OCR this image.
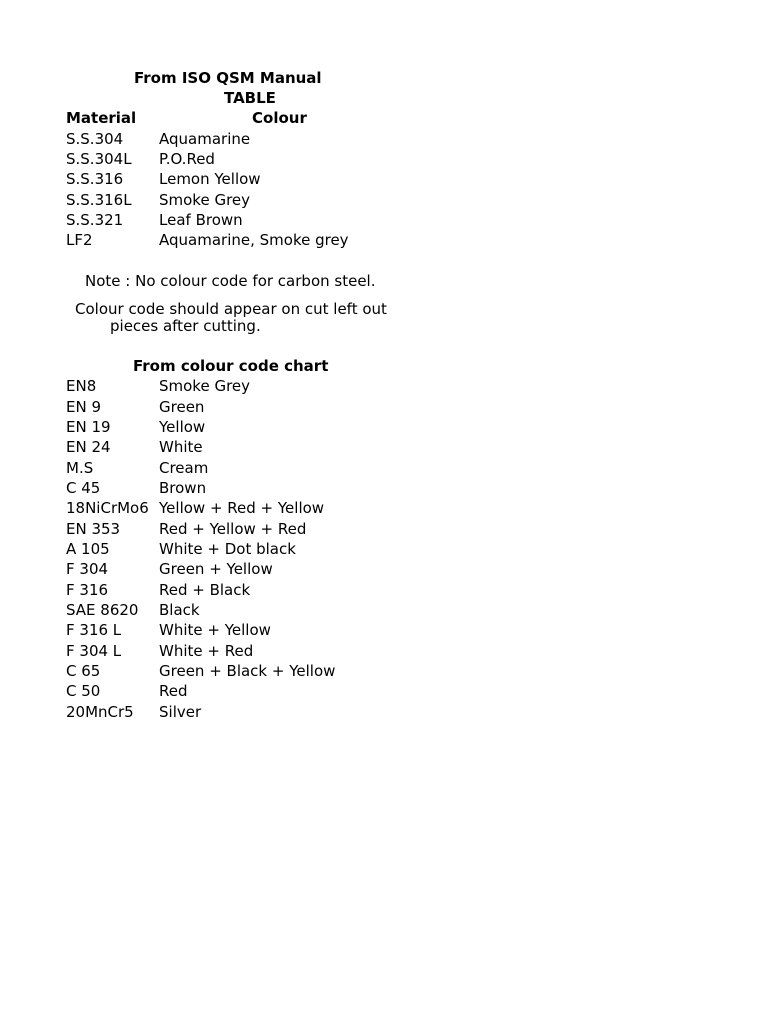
From ISO QSM Manual
TABLE
Material	Colour
S.S.304 Aquamarine
S.S.304L P.O.Red
S.S.316 Lemon Yellow
S.S.316L Smoke Grey
S.S.321 Leaf Brown
LF2	Aquamarine, Smoke grey
Note : No colour code for carbon steel.
Colour code should appear on cut left out
pieces after cutting.
From colour code chart
EN8	Smoke Grey
EN 9	Green
EN 19	Yellow
EN 24	White
M.S	Cream
C 45	Brown
18NiCrMo6 Yellow + Red + Yellow
EN 353	Red + Yellow + Red
A 105	White + Dot black
F 304	Green + Yellow
F 316	Red + Black
SAE 8620 Black
F 316 L	White + Yellow
F 304 L	White + Red
C 65	Green + Black + Yellow
C 50	Red
20MnCr5 Silver
